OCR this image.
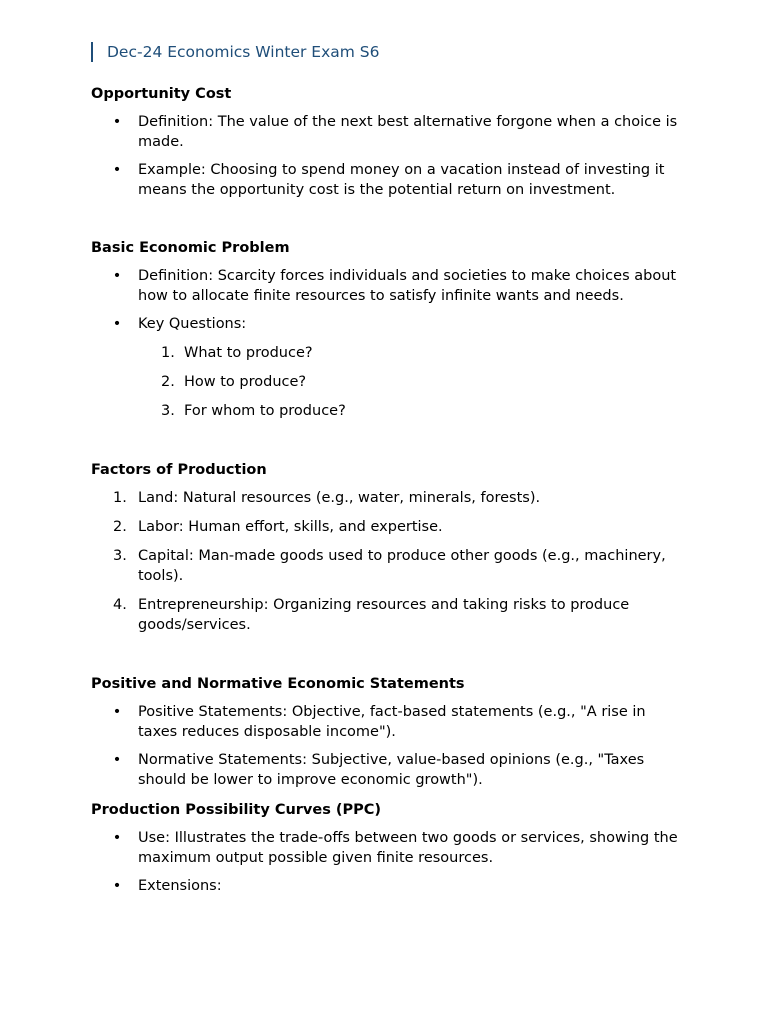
Dec-24 Economics Winter Exam S6
Opportunity Cost
• Definition: The value of the next best alternative forgone when a choice is made.
• Example: Choosing to spend money on a vacation instead of investing it means the opportunity cost is the potential return on investment.
Basic Economic Problem
• Definition: Scarcity forces individuals and societies to make choices about how to allocate finite resources to satisfy infinite wants and needs.
• Key Questions:
1. What to produce?
2. How to produce?
3. For whom to produce?
Factors of Production
1. Land: Natural resources (e.g., water, minerals, forests).
2. Labor: Human effort, skills, and expertise.
3. Capital: Man-made goods used to produce other goods (e.g., machinery, tools).
4. Entrepreneurship: Organizing resources and taking risks to produce goods/services.
Positive and Normative Economic Statements
• Positive Statements: Objective, fact-based statements (e.g., "A rise in taxes reduces disposable income").
• Normative Statements: Subjective, value-based opinions (e.g., "Taxes should be lower to improve economic growth").
Production Possibility Curves (PPC)
• Use: Illustrates the trade-offs between two goods or services, showing the maximum output possible given finite resources.
• Extensions:
